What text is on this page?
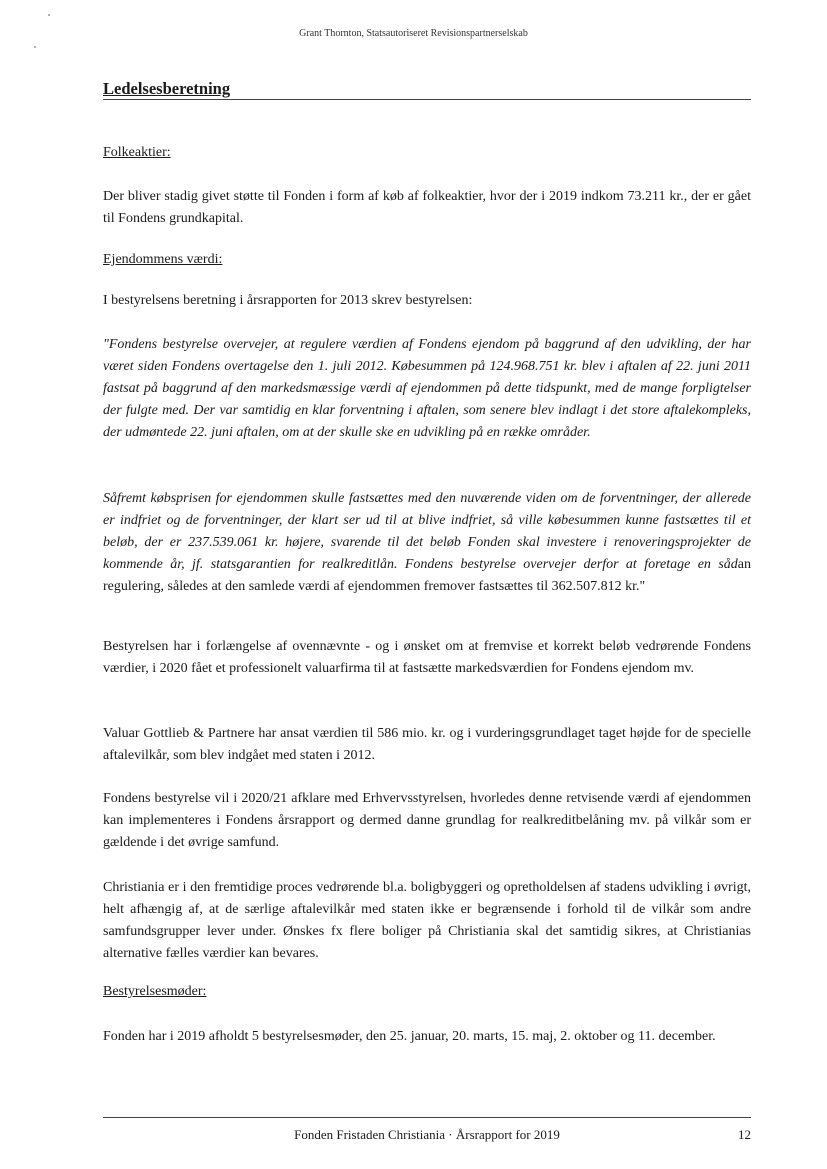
Grant Thornton, Statsautoriseret Revisionspartnerselskab
Ledelsesberetning
Folkeaktier:

Der bliver stadig givet støtte til Fonden i form af køb af folkeaktier, hvor der i 2019 indkom 73.211 kr., der er gået til Fondens grundkapital.

Ejendommens værdi:

I bestyrelsens beretning i årsrapporten for 2013 skrev bestyrelsen:

"Fondens bestyrelse overvejer, at regulere værdien af Fondens ejendom på baggrund af den udvikling, der har været siden Fondens overtagelse den 1. juli 2012. Købesummen på 124.968.751 kr. blev i aftalen af 22. juni 2011 fastsat på baggrund af den markedsmæssige værdi af ejendommen på dette tidspunkt, med de mange forpligtelser der fulgte med. Der var samtidig en klar forventning i aftalen, som senere blev indlagt i det store aftalekompleks, der udmøntede 22. juni aftalen, om at der skulle ske en udvikling på en række områder.

Såfremt købsprisen for ejendommen skulle fastsættes med den nuværende viden om de forventninger, der allerede er indfriet og de forventninger, der klart ser ud til at blive indfriet, så ville købesummen kunne fastsættes til et beløb, der er 237.539.061 kr. højere, svarende til det beløb Fonden skal investere i renoveringsprojekter de kommende år, jf. statsgarantien for realkreditlån. Fondens bestyrelse overvejer derfor at foretage en sådan regulering, således at den samlede værdi af ejendommen fremover fastsættes til 362.507.812 kr."

Bestyrelsen har i forlængelse af ovennævnte - og i ønsket om at fremvise et korrekt beløb vedrørende Fondens værdier, i 2020 fået et professionelt valuarfirma til at fastsætte markedsværdien for Fondens ejendom mv.

Valuar Gottlieb & Partnere har ansat værdien til 586 mio. kr. og i vurderingsgrundlaget taget højde for de specielle aftalevilkår, som blev indgået med staten i 2012.

Fondens bestyrelse vil i 2020/21 afklare med Erhvervsstyrelsen, hvorledes denne retvisende værdi af ejendommen kan implementeres i Fondens årsrapport og dermed danne grundlag for realkreditbelåning mv. på vilkår som er gældende i det øvrige samfund.

Christiania er i den fremtidige proces vedrørende bl.a. boligbyggeri og opretholdelsen af stadens udvikling i øvrigt, helt afhængig af, at de særlige aftalevilkår med staten ikke er begrænsende i forhold til de vilkår som andre samfundsgrupper lever under. Ønskes fx flere boliger på Christiania skal det samtidig sikres, at Christianias alternative fælles værdier kan bevares.

Bestyrelsesmøder:

Fonden har i 2019 afholdt 5 bestyrelsesmøder, den 25. januar, 20. marts, 15. maj, 2. oktober og 11. december.

Fonden Fristaden Christiania · Årsrapport for 2019	12
